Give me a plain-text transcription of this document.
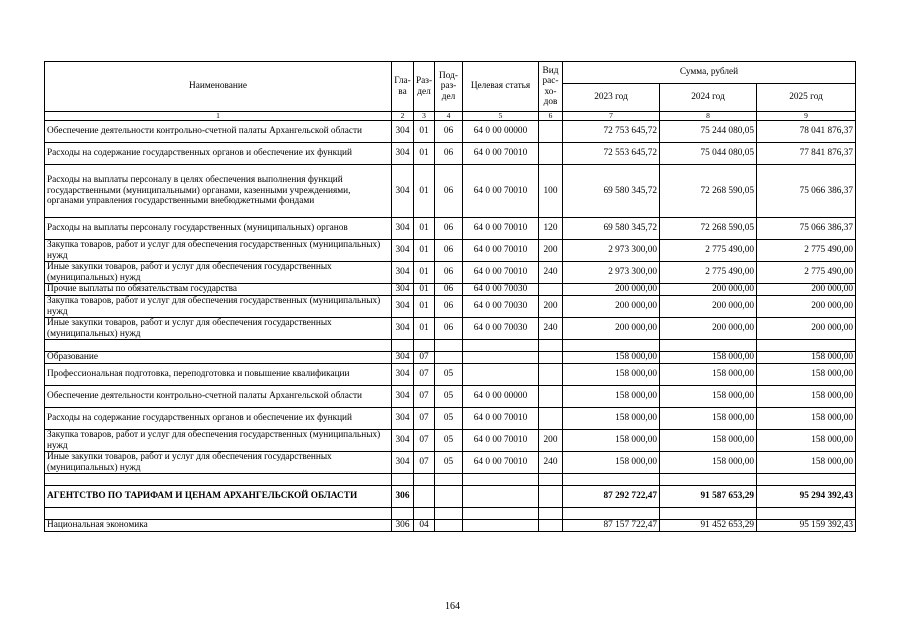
Наименование	Гла-ва	Раз-дел	Под-раз-дел	Целевая статья	Вид рас-хо-дов	Сумма, рублей		
						2023 год	2024 год	2025 год
1	2	3	4	5	6	7	8	9
Обеспечение деятельности контрольно-счетной палаты Архангельской области	304	01	06	64 0 00 00000		72 753 645,72	75 244 080,05	78 041 876,37
Расходы на содержание государственных органов и обеспечение их функций	304	01	06	64 0 00 70010		72 553 645,72	75 044 080,05	77 841 876,37
Расходы на выплаты персоналу в целях обеспечения выполнения функций государственными (муниципальными) органами, казенными учреждениями, органами управления государственными внебюджетными фондами	304	01	06	64 0 00 70010	100	69 580 345,72	72 268 590,05	75 066 386,37
Расходы на выплаты персоналу государственных (муниципальных) органов	304	01	06	64 0 00 70010	120	69 580 345,72	72 268 590,05	75 066 386,37
Закупка товаров, работ и услуг для обеспечения государственных (муниципальных) нужд	304	01	06	64 0 00 70010	200	2 973 300,00	2 775 490,00	2 775 490,00
Иные закупки товаров, работ и услуг для обеспечения государственных (муниципальных) нужд	304	01	06	64 0 00 70010	240	2 973 300,00	2 775 490,00	2 775 490,00
Прочие выплаты по обязательствам государства	304	01	06	64 0 00 70030		200 000,00	200 000,00	200 000,00
Закупка товаров, работ и услуг для обеспечения государственных (муниципальных) нужд	304	01	06	64 0 00 70030	200	200 000,00	200 000,00	200 000,00
Иные закупки товаров, работ и услуг для обеспечения государственных (муниципальных) нужд	304	01	06	64 0 00 70030	240	200 000,00	200 000,00	200 000,00

Образование	304	07				158 000,00	158 000,00	158 000,00
Профессиональная подготовка, переподготовка и повышение квалификации	304	07	05			158 000,00	158 000,00	158 000,00
Обеспечение деятельности контрольно-счетной палаты Архангельской области	304	07	05	64 0 00 00000		158 000,00	158 000,00	158 000,00
Расходы на содержание государственных органов и обеспечение их функций	304	07	05	64 0 00 70010		158 000,00	158 000,00	158 000,00
Закупка товаров, работ и услуг для обеспечения государственных (муниципальных) нужд	304	07	05	64 0 00 70010	200	158 000,00	158 000,00	158 000,00
Иные закупки товаров, работ и услуг для обеспечения государственных (муниципальных) нужд	304	07	05	64 0 00 70010	240	158 000,00	158 000,00	158 000,00

АГЕНТСТВО ПО ТАРИФАМ И ЦЕНАМ АРХАНГЕЛЬСКОЙ ОБЛАСТИ	306					87 292 722,47	91 587 653,29	95 294 392,43

Национальная экономика	306	04				87 157 722,47	91 452 653,29	95 159 392,43
164
